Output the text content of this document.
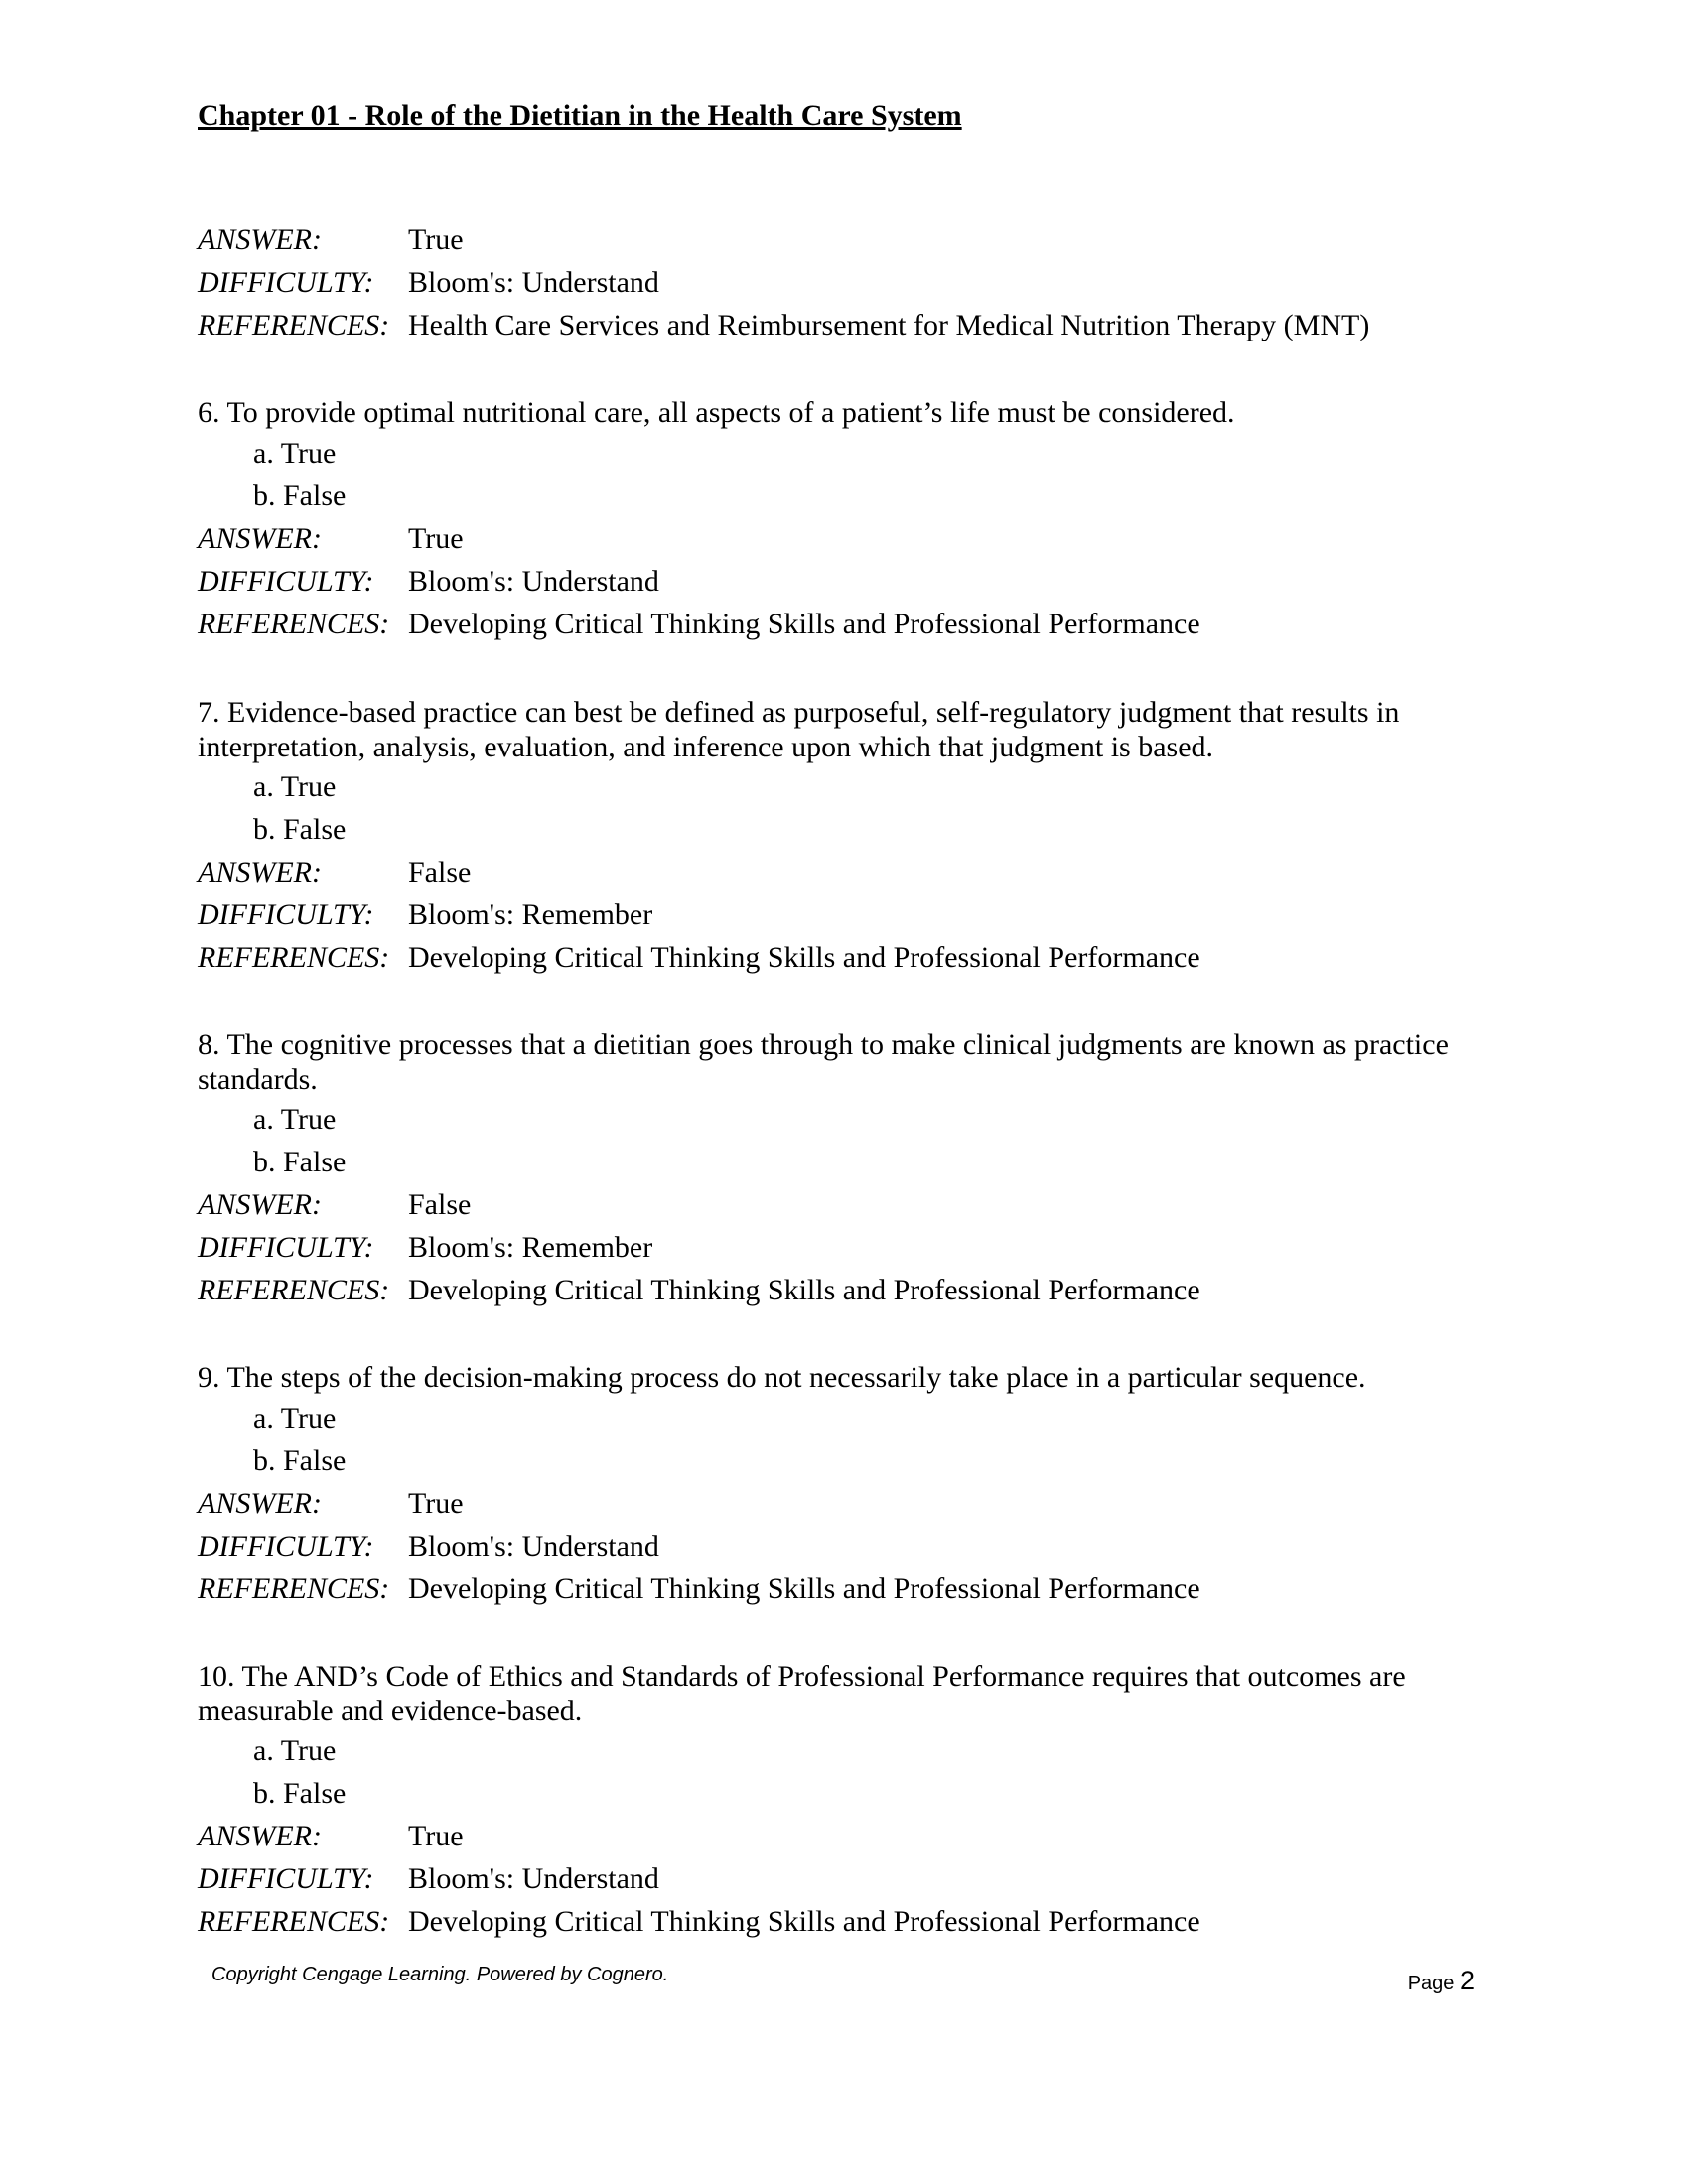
Chapter 01 - Role of the Dietitian in the Health Care System
ANSWER:	True
DIFFICULTY: Bloom's: Understand
REFERENCES: Health Care Services and Reimbursement for Medical Nutrition Therapy (MNT)
6. To provide optimal nutritional care, all aspects of a patient’s life must be considered.
a. True
b. False
ANSWER:	True
DIFFICULTY: Bloom's: Understand
REFERENCES: Developing Critical Thinking Skills and Professional Performance
7. Evidence-based practice can best be defined as purposeful, self-regulatory judgment that results in interpretation, analysis, evaluation, and inference upon which that judgment is based.
a. True
b. False
ANSWER:	False
DIFFICULTY: Bloom's: Remember
REFERENCES: Developing Critical Thinking Skills and Professional Performance
8. The cognitive processes that a dietitian goes through to make clinical judgments are known as practice standards.
a. True
b. False
ANSWER:	False
DIFFICULTY: Bloom's: Remember
REFERENCES: Developing Critical Thinking Skills and Professional Performance
9. The steps of the decision-making process do not necessarily take place in a particular sequence.
a. True
b. False
ANSWER:	True
DIFFICULTY: Bloom's: Understand
REFERENCES: Developing Critical Thinking Skills and Professional Performance
10. The AND’s Code of Ethics and Standards of Professional Performance requires that outcomes are measurable and evidence-based.
a. True
b. False
ANSWER:	True
DIFFICULTY: Bloom's: Understand
REFERENCES: Developing Critical Thinking Skills and Professional Performance
Copyright Cengage Learning. Powered by Cognero.	Page 2
